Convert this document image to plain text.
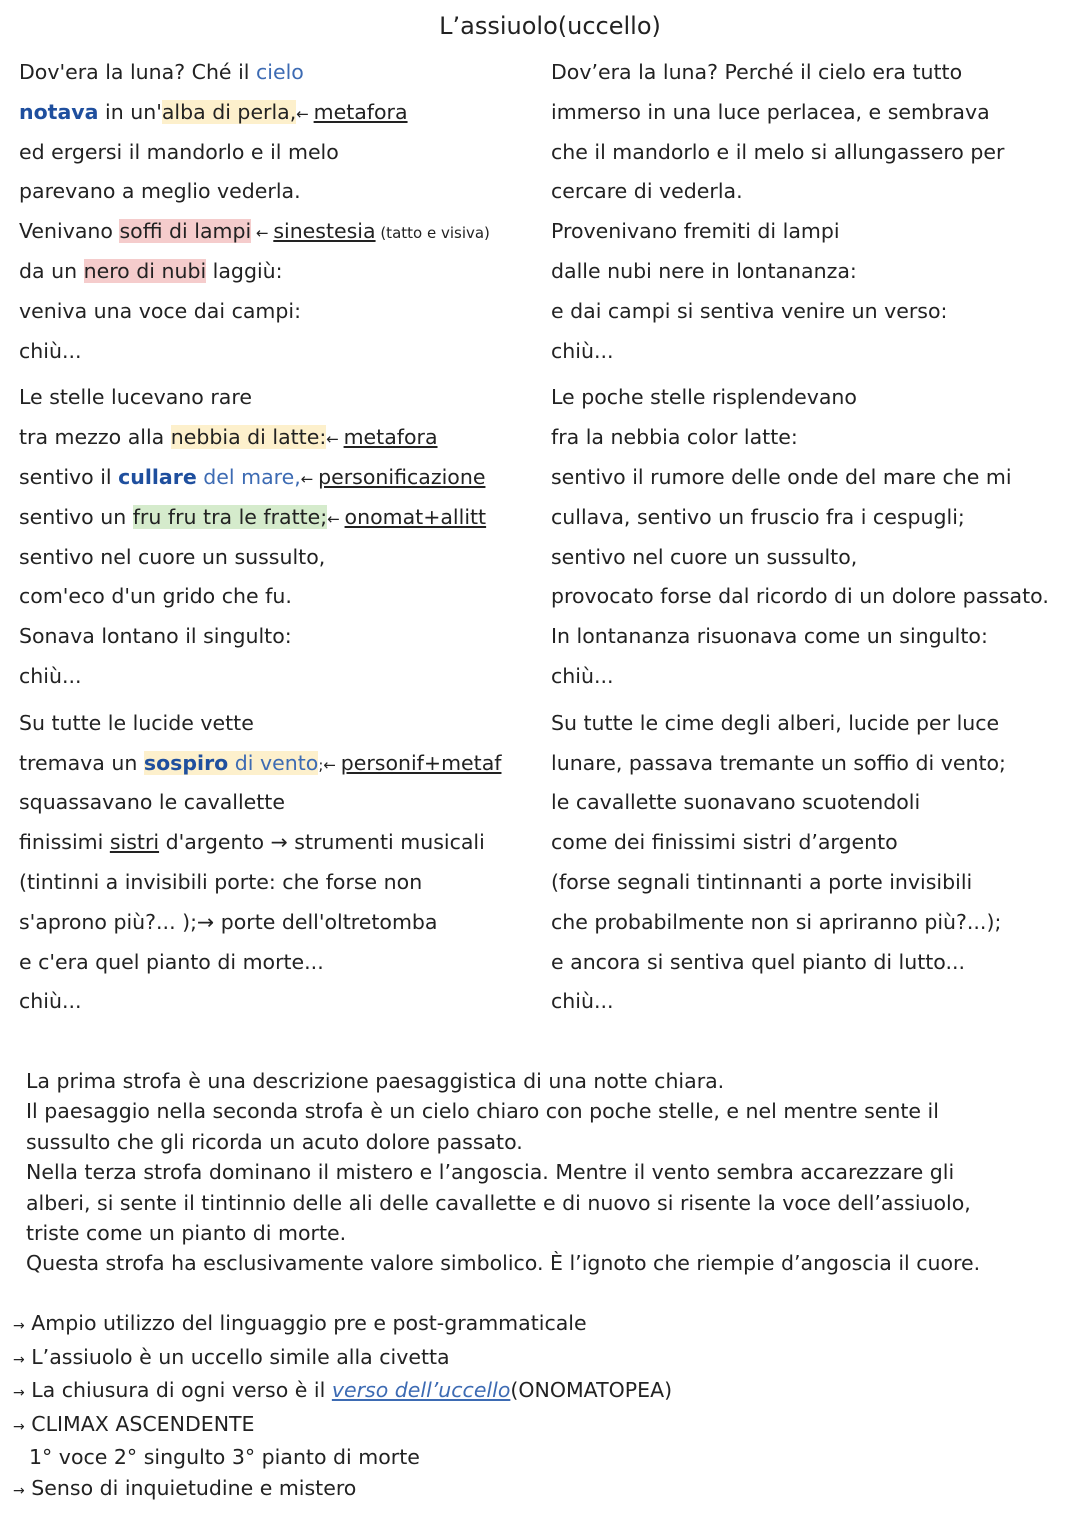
L’assiuolo(uccello)
Dov'era la luna? Ché il cielo
notava in un'alba di perla,← metafora
ed ergersi il mandorlo e il melo
parevano a meglio vederla.
Venivano soffi di lampi ← sinestesia (tatto e visiva)
da un nero di nubi laggiù:
veniva una voce dai campi:
chiù...
Le stelle lucevano rare
tra mezzo alla nebbia di latte:← metafora
sentivo il cullare del mare,← personificazione
sentivo un fru fru tra le fratte;← onomat+allitt
sentivo nel cuore un sussulto,
com'eco d'un grido che fu.
Sonava lontano il singulto:
chiù...
Su tutte le lucide vette
tremava un sospiro di vento;← personif+metaf
squassavano le cavallette
finissimi sistri d'argento → strumenti musicali
(tintinni a invisibili porte: che forse non
s'aprono più?... );→ porte dell'oltretomba
e c'era quel pianto di morte...
chiù...
Dov’era la luna? Perché il cielo era tutto
immerso in una luce perlacea, e sembrava
che il mandorlo e il melo si allungassero per
cercare di vederla.
Provenivano fremiti di lampi
dalle nubi nere in lontananza:
e dai campi si sentiva venire un verso:
chiù...
Le poche stelle risplendevano
fra la nebbia color latte:
sentivo il rumore delle onde del mare che mi
cullava, sentivo un fruscio fra i cespugli;
sentivo nel cuore un sussulto,
provocato forse dal ricordo di un dolore passato.
In lontananza risuonava come un singulto:
chiù...
Su tutte le cime degli alberi, lucide per luce
lunare, passava tremante un soffio di vento;
le cavallette suonavano scuotendoli
come dei finissimi sistri d’argento
(forse segnali tintinnanti a porte invisibili
che probabilmente non si apriranno più?...);
e ancora si sentiva quel pianto di lutto...
chiù...

La prima strofa è una descrizione paesaggistica di una notte chiara.

Il paesaggio nella seconda strofa è un cielo chiaro con poche stelle, e nel mentre sente il

sussulto che gli ricorda un acuto dolore passato.

Nella terza strofa dominano il mistero e l’angoscia. Mentre il vento sembra accarezzare gli

alberi, si sente il tintinnio delle ali delle cavallette e di nuovo si risente la voce dell’assiuolo,

triste come un pianto di morte.

Questa strofa ha esclusivamente valore simbolico. È l’ignoto che riempie d’angoscia il cuore.

→ Ampio utilizzo del linguaggio pre e post-grammaticale
→ L’assiuolo è un uccello simile alla civetta
→ La chiusura di ogni verso è il verso dell’uccello(ONOMATOPEA)
→ CLIMAX ASCENDENTE
1° voce 2° singulto 3° pianto di morte
→ Senso di inquietudine e mistero
